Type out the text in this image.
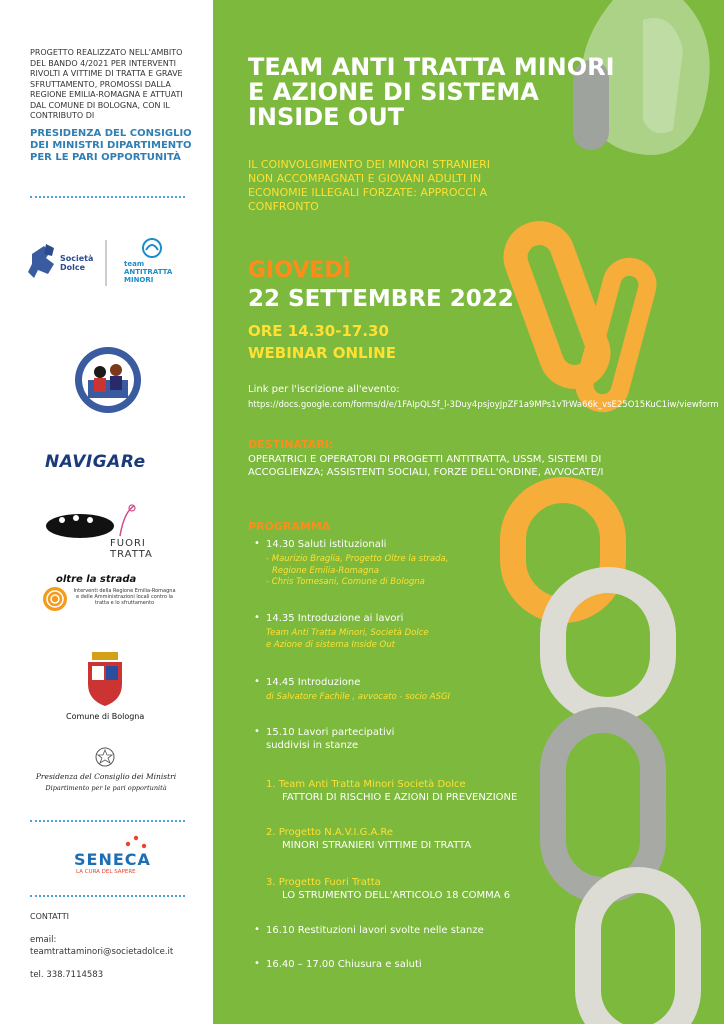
PROGETTO REALIZZATO NELL'AMBITO DEL BANDO 4/2021 PER INTERVENTI RIVOLTI A VITTIME DI TRATTA E GRAVE SFRUTTAMENTO, PROMOSSI DALLA REGIONE EMILIA-ROMAGNA E ATTUATI DAL COMUNE DI BOLOGNA, CON IL CONTRIBUTO DI
PRESIDENZA DEL CONSIGLIO DEI MINISTRI DIPARTIMENTO PER LE PARI OPPORTUNITÀ
Società Dolce	team ANTITRATTA MINORI
NAVIGARe
FUORI TRATTA
oltre la strada
Interventi della Regione Emilia-Romagna e delle Amministrazioni locali contro la tratta e lo sfruttamento
Comune di Bologna
Presidenza del Consiglio dei Ministri
Dipartimento per le pari opportunità
SENECA
LA CURA DEL SAPERE
CONTATTI
email:
teamtrattaminori@societadolce.it
tel. 338.7114583
TEAM ANTI TRATTA MINORI
E AZIONE DI SISTEMA
INSIDE OUT
IL COINVOLGIMENTO DEI MINORI STRANIERI NON ACCOMPAGNATI E GIOVANI ADULTI IN ECONOMIE ILLEGALI FORZATE: APPROCCI A CONFRONTO
GIOVEDÌ
22 SETTEMBRE 2022
ORE 14.30-17.30
WEBINAR ONLINE
Link per l'iscrizione all'evento:
https://docs.google.com/forms/d/e/1FAIpQLSf_l-3Duy4psjoyJpZF1a9MPs1vTrWa66k_vsE25O15KuC1iw/viewform
DESTINATARI:
OPERATRICI E OPERATORI DI PROGETTI ANTITRATTA, USSM, SISTEMI DI ACCOGLIENZA; ASSISTENTI SOCIALI, FORZE DELL'ORDINE, AVVOCATE/I
PROGRAMMA
• 14.30 Saluti istituzionali
- Maurizio Braglia, Progetto Oltre la strada,
Regione Emilia-Romagna
- Chris Tomesani, Comune di Bologna
• 14.35 Introduzione ai lavori
Team Anti Tratta Minori, Società Dolce
e Azione di sistema Inside Out
• 14.45 Introduzione
di Salvatore Fachile , avvocato - socio ASGI
• 15.10 Lavori partecipativi
suddivisi in stanze
1. Team Anti Tratta Minori Società Dolce
FATTORI DI RISCHIO E AZIONI DI PREVENZIONE
2. Progetto N.A.V.I.G.A.Re
MINORI STRANIERI VITTIME DI TRATTA
3. Progetto Fuori Tratta
LO STRUMENTO DELL'ARTICOLO 18 COMMA 6
• 16.10 Restituzioni lavori svolte nelle stanze
• 16.40 – 17.00 Chiusura e saluti
